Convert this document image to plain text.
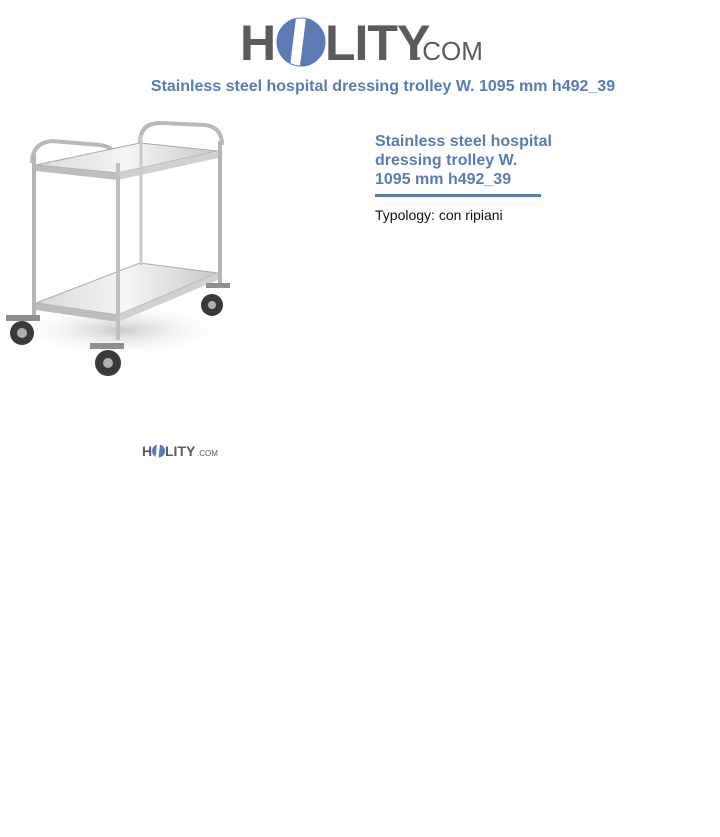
H LITY
.COM
Stainless steel hospital dressing trolley W. 1095 mm h492_39
H LITY .COM
Stainless steel hospital
dressing trolley W.
1095 mm h492_39
Typology: con ripiani
